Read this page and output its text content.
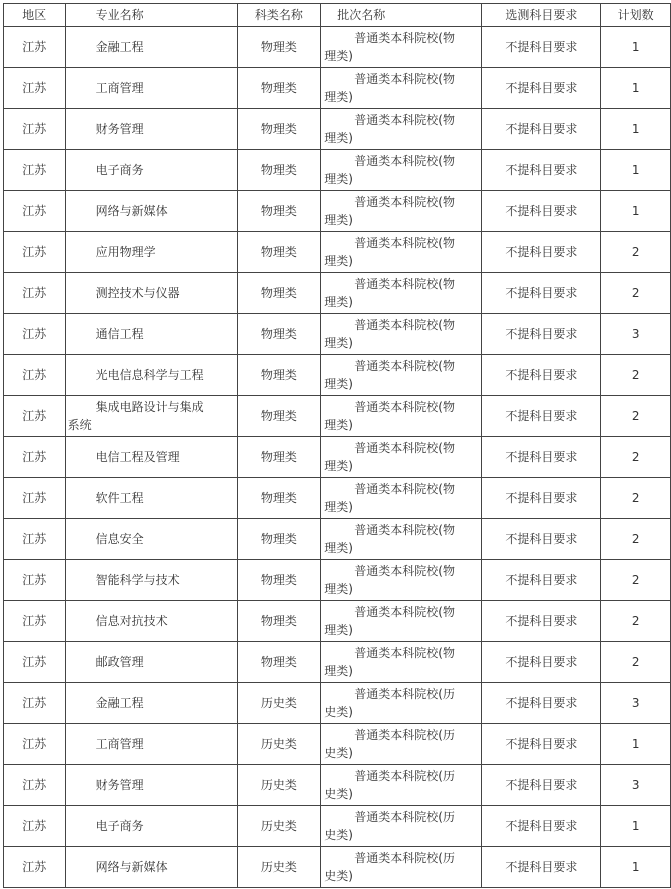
地区	专业名称	科类名称	批次名称	选测科目要求	计划数
江苏	金融工程	物理类	普通类本科院校(物理类)	不提科目要求	1
江苏	工商管理	物理类	普通类本科院校(物理类)	不提科目要求	1
江苏	财务管理	物理类	普通类本科院校(物理类)	不提科目要求	1
江苏	电子商务	物理类	普通类本科院校(物理类)	不提科目要求	1
江苏	网络与新媒体	物理类	普通类本科院校(物理类)	不提科目要求	1
江苏	应用物理学	物理类	普通类本科院校(物理类)	不提科目要求	2
江苏	测控技术与仪器	物理类	普通类本科院校(物理类)	不提科目要求	2
江苏	通信工程	物理类	普通类本科院校(物理类)	不提科目要求	3
江苏	光电信息科学与工程	物理类	普通类本科院校(物理类)	不提科目要求	2
江苏	集成电路设计与集成系统	物理类	普通类本科院校(物理类)	不提科目要求	2
江苏	电信工程及管理	物理类	普通类本科院校(物理类)	不提科目要求	2
江苏	软件工程	物理类	普通类本科院校(物理类)	不提科目要求	2
江苏	信息安全	物理类	普通类本科院校(物理类)	不提科目要求	2
江苏	智能科学与技术	物理类	普通类本科院校(物理类)	不提科目要求	2
江苏	信息对抗技术	物理类	普通类本科院校(物理类)	不提科目要求	2
江苏	邮政管理	物理类	普通类本科院校(物理类)	不提科目要求	2
江苏	金融工程	历史类	普通类本科院校(历史类)	不提科目要求	3
江苏	工商管理	历史类	普通类本科院校(历史类)	不提科目要求	1
江苏	财务管理	历史类	普通类本科院校(历史类)	不提科目要求	3
江苏	电子商务	历史类	普通类本科院校(历史类)	不提科目要求	1
江苏	网络与新媒体	历史类	普通类本科院校(历史类)	不提科目要求	1
